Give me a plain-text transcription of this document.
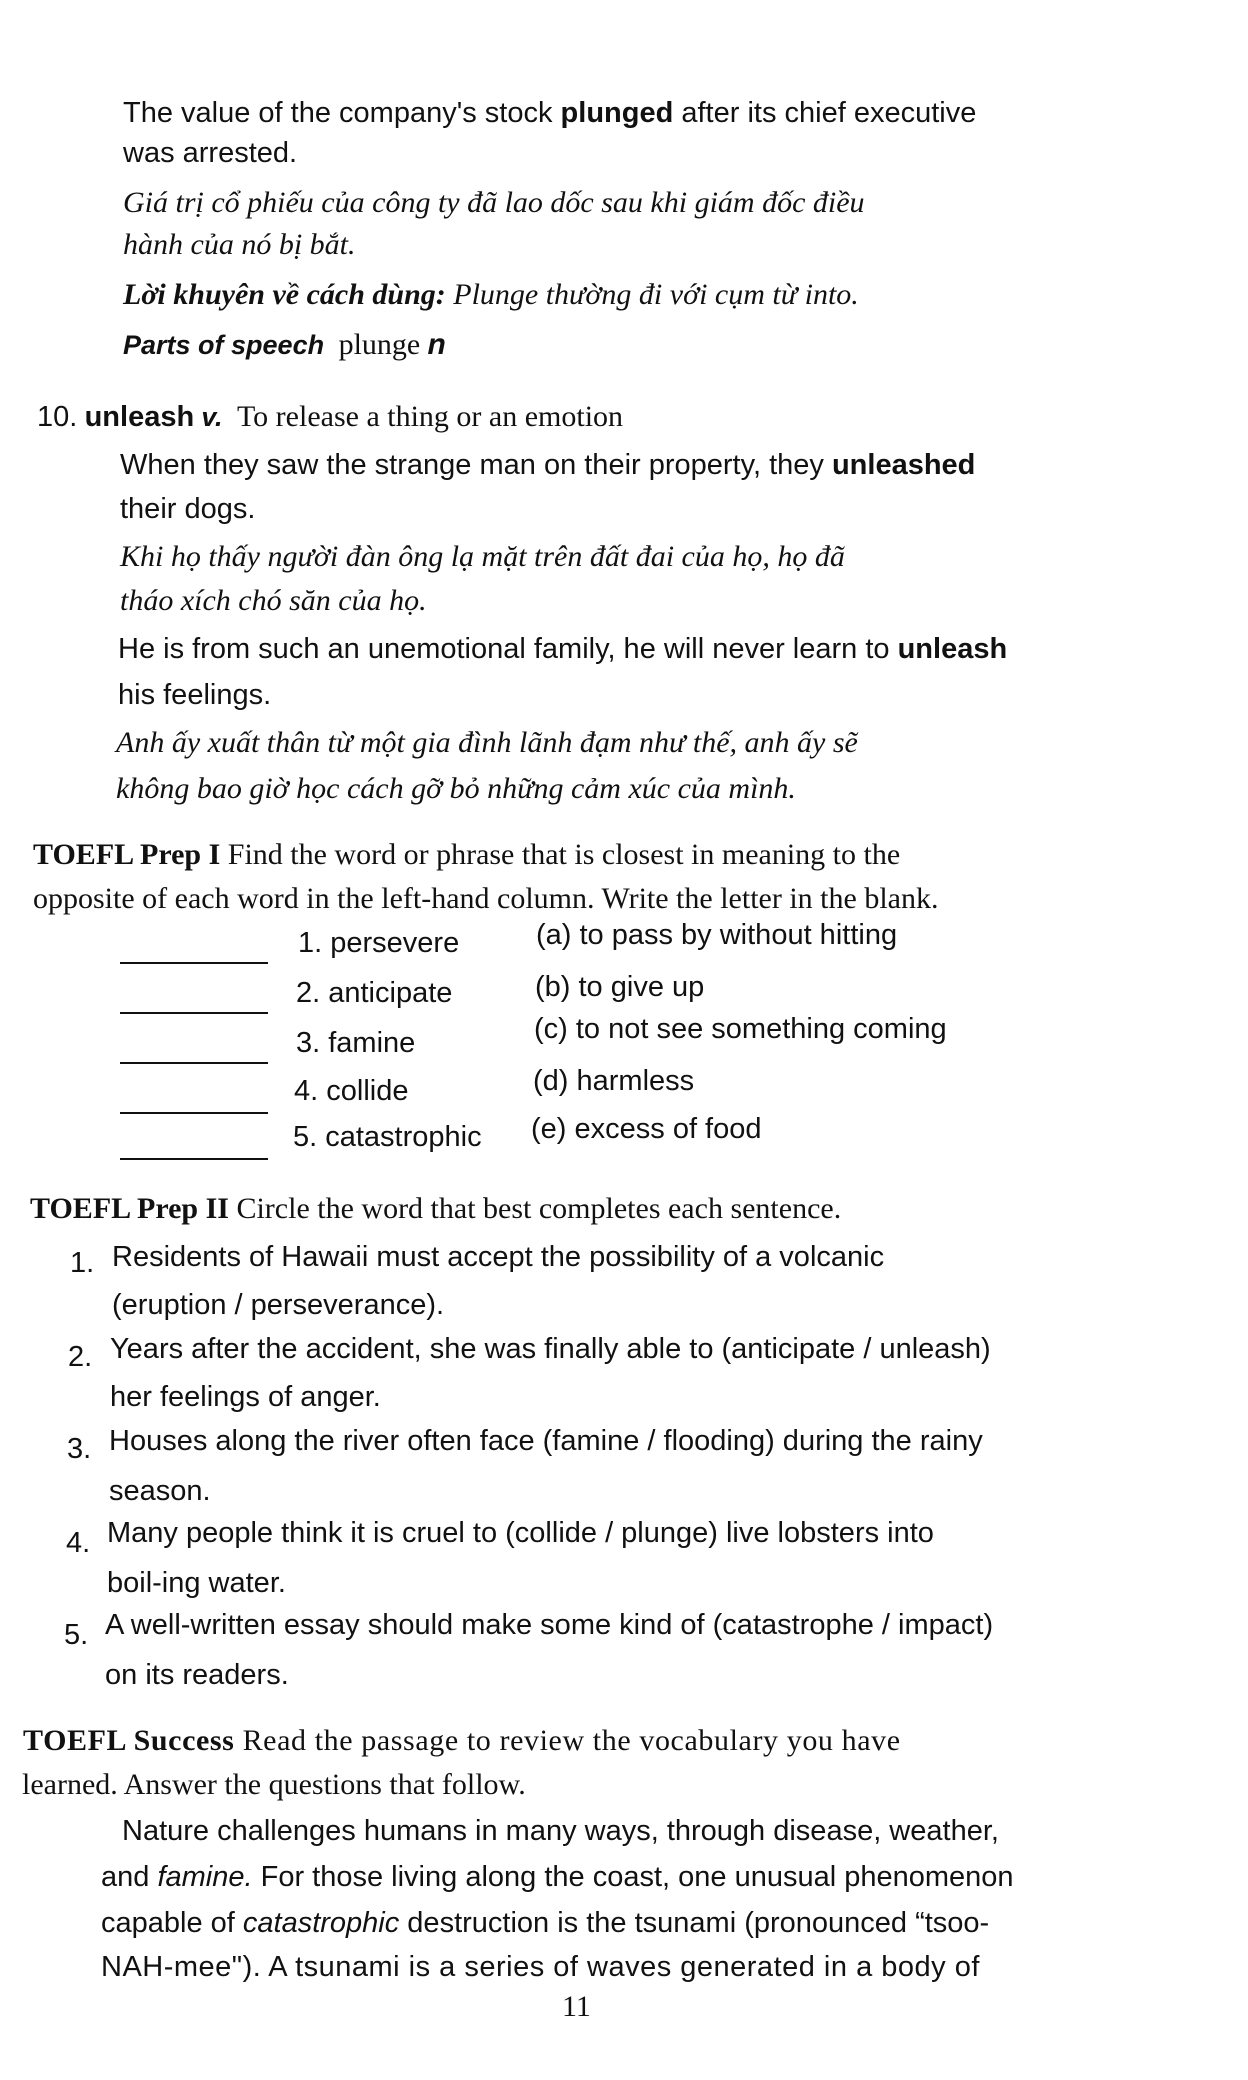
The value of the company's stock plunged after its chief executive
was arrested.
Giá trị cổ phiếu của công ty đã lao dốc sau khi giám đốc điều
hành của nó bị bắt.
Lời khuyên về cách dùng: Plunge thường đi với cụm từ into.
Parts of speech plunge n
10. unleash v. To release a thing or an emotion
When they saw the strange man on their property, they unleashed
their dogs.
Khi họ thấy người đàn ông lạ mặt trên đất đai của họ, họ đã
tháo xích chó săn của họ.
He is from such an unemotional family, he will never learn to unleash
his feelings.
Anh ấy xuất thân từ một gia đình lãnh đạm như thế, anh ấy sẽ
không bao giờ học cách gỡ bỏ những cảm xúc của mình.
TOEFL Prep I Find the word or phrase that is closest in meaning to the
opposite of each word in the left-hand column. Write the letter in the blank.
1. persevere	(a) to pass by without hitting
2. anticipate	(b) to give up
3. famine	(c) to not see something coming
4. collide	(d) harmless
5. catastrophic (e) excess of food
TOEFL Prep II Circle the word that best completes each sentence.
1. Residents of Hawaii must accept the possibility of a volcanic
(eruption / perseverance).
2. Years after the accident, she was finally able to (anticipate / unleash)
her feelings of anger.
3. Houses along the river often face (famine / flooding) during the rainy
season.
4. Many people think it is cruel to (collide / plunge) live lobsters into
boil-ing water.
5. A well-written essay should make some kind of (catastrophe / impact)
on its readers.
TOEFL Success Read the passage to review the vocabulary you have
learned. Answer the questions that follow.
Nature challenges humans in many ways, through disease, weather,
and famine. For those living along the coast, one unusual phenomenon
capable of catastrophic destruction is the tsunami (pronounced “tsoo-
NAH-mee"). A tsunami is a series of waves generated in a body of
11
